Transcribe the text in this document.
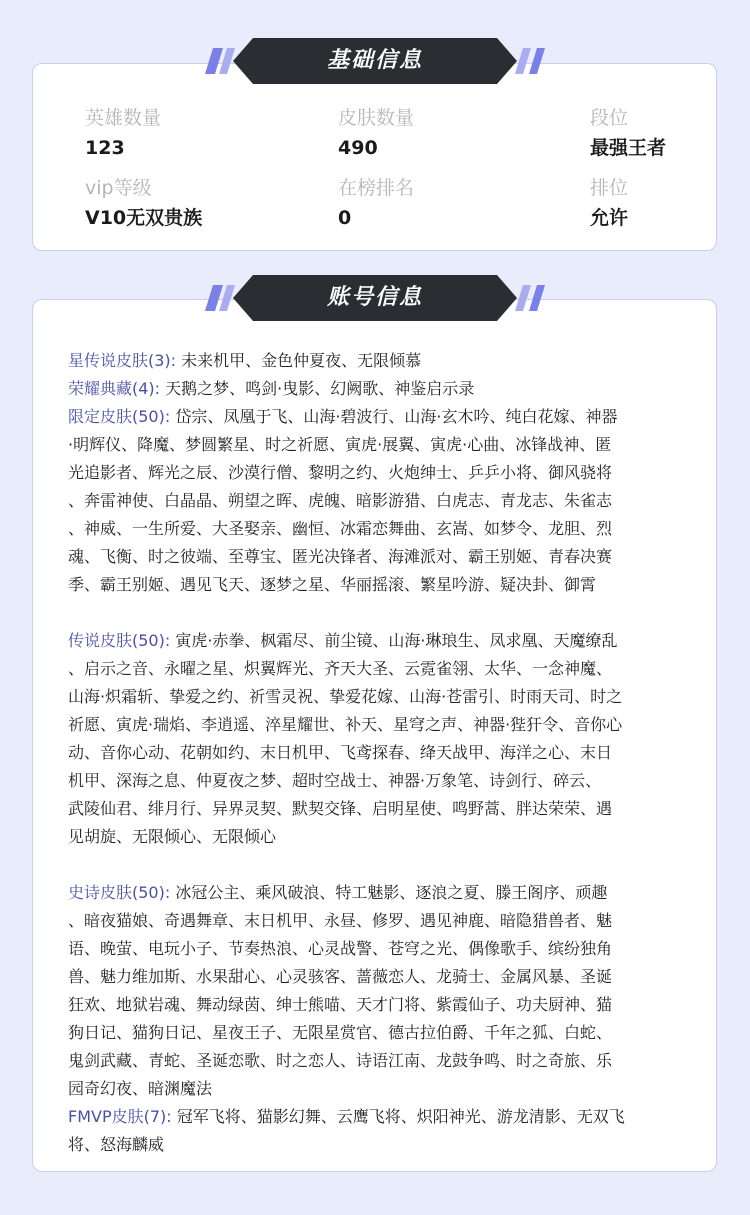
英雄数量
123
皮肤数量
490
段位
最强王者
vip等级
V10无双贵族
在榜排名
0
排位
允许
基础信息
星传说皮肤(3): 未来机甲、金色仲夏夜、无限倾慕
荣耀典藏(4): 天鹅之梦、鸣剑·曳影、幻阙歌、神鉴启示录
限定皮肤(50): 岱宗、凤凰于飞、山海·碧波行、山海·玄木吟、纯白花嫁、神器
·明辉仪、降魔、梦圆繁星、时之祈愿、寅虎·展翼、寅虎·心曲、冰锋战神、匿
光追影者、辉光之辰、沙漠行僧、黎明之约、火炮绅士、乒乒小将、御风骁将
、奔雷神使、白晶晶、朔望之晖、虎魄、暗影游猎、白虎志、青龙志、朱雀志
、神威、一生所爱、大圣娶亲、幽恒、冰霜恋舞曲、玄嵩、如梦令、龙胆、烈
魂、飞衡、时之彼端、至尊宝、匿光决锋者、海滩派对、霸王别姬、青春决赛
季、霸王别姬、遇见飞天、逐梦之星、华丽摇滚、繁星吟游、疑决卦、御霄
传说皮肤(50): 寅虎·赤拳、枫霜尽、前尘镜、山海·琳琅生、凤求凰、天魔缭乱
、启示之音、永曜之星、炽翼辉光、齐天大圣、云霓雀翎、太华、一念神魔、
山海·炽霜斩、挚爱之约、祈雪灵祝、挚爱花嫁、山海·苍雷引、时雨天司、时之
祈愿、寅虎·瑞焰、李逍遥、淬星耀世、补天、星穹之声、神器·狴犴令、音你心
动、音你心动、花朝如约、末日机甲、飞鸢探春、绛天战甲、海洋之心、末日
机甲、深海之息、仲夏夜之梦、超时空战士、神器·万象笔、诗剑行、碎云、
武陵仙君、绯月行、异界灵契、默契交锋、启明星使、鸣野蒿、胖达荣荣、遇
见胡旋、无限倾心、无限倾心
史诗皮肤(50): 冰冠公主、乘风破浪、特工魅影、逐浪之夏、滕王阁序、顽趣
、暗夜猫娘、奇遇舞章、末日机甲、永昼、修罗、遇见神鹿、暗隐猎兽者、魅
语、晚萤、电玩小子、节奏热浪、心灵战警、苍穹之光、偶像歌手、缤纷独角
兽、魅力维加斯、水果甜心、心灵骇客、蔷薇恋人、龙骑士、金属风暴、圣诞
狂欢、地狱岩魂、舞动绿茵、绅士熊喵、天才门将、紫霞仙子、功夫厨神、猫
狗日记、猫狗日记、星夜王子、无限星赏官、德古拉伯爵、千年之狐、白蛇、
鬼剑武藏、青蛇、圣诞恋歌、时之恋人、诗语江南、龙鼓争鸣、时之奇旅、乐
园奇幻夜、暗渊魔法
FMVP皮肤(7): 冠军飞将、猫影幻舞、云鹰飞将、炽阳神光、游龙清影、无双飞
将、怒海麟威
账号信息
